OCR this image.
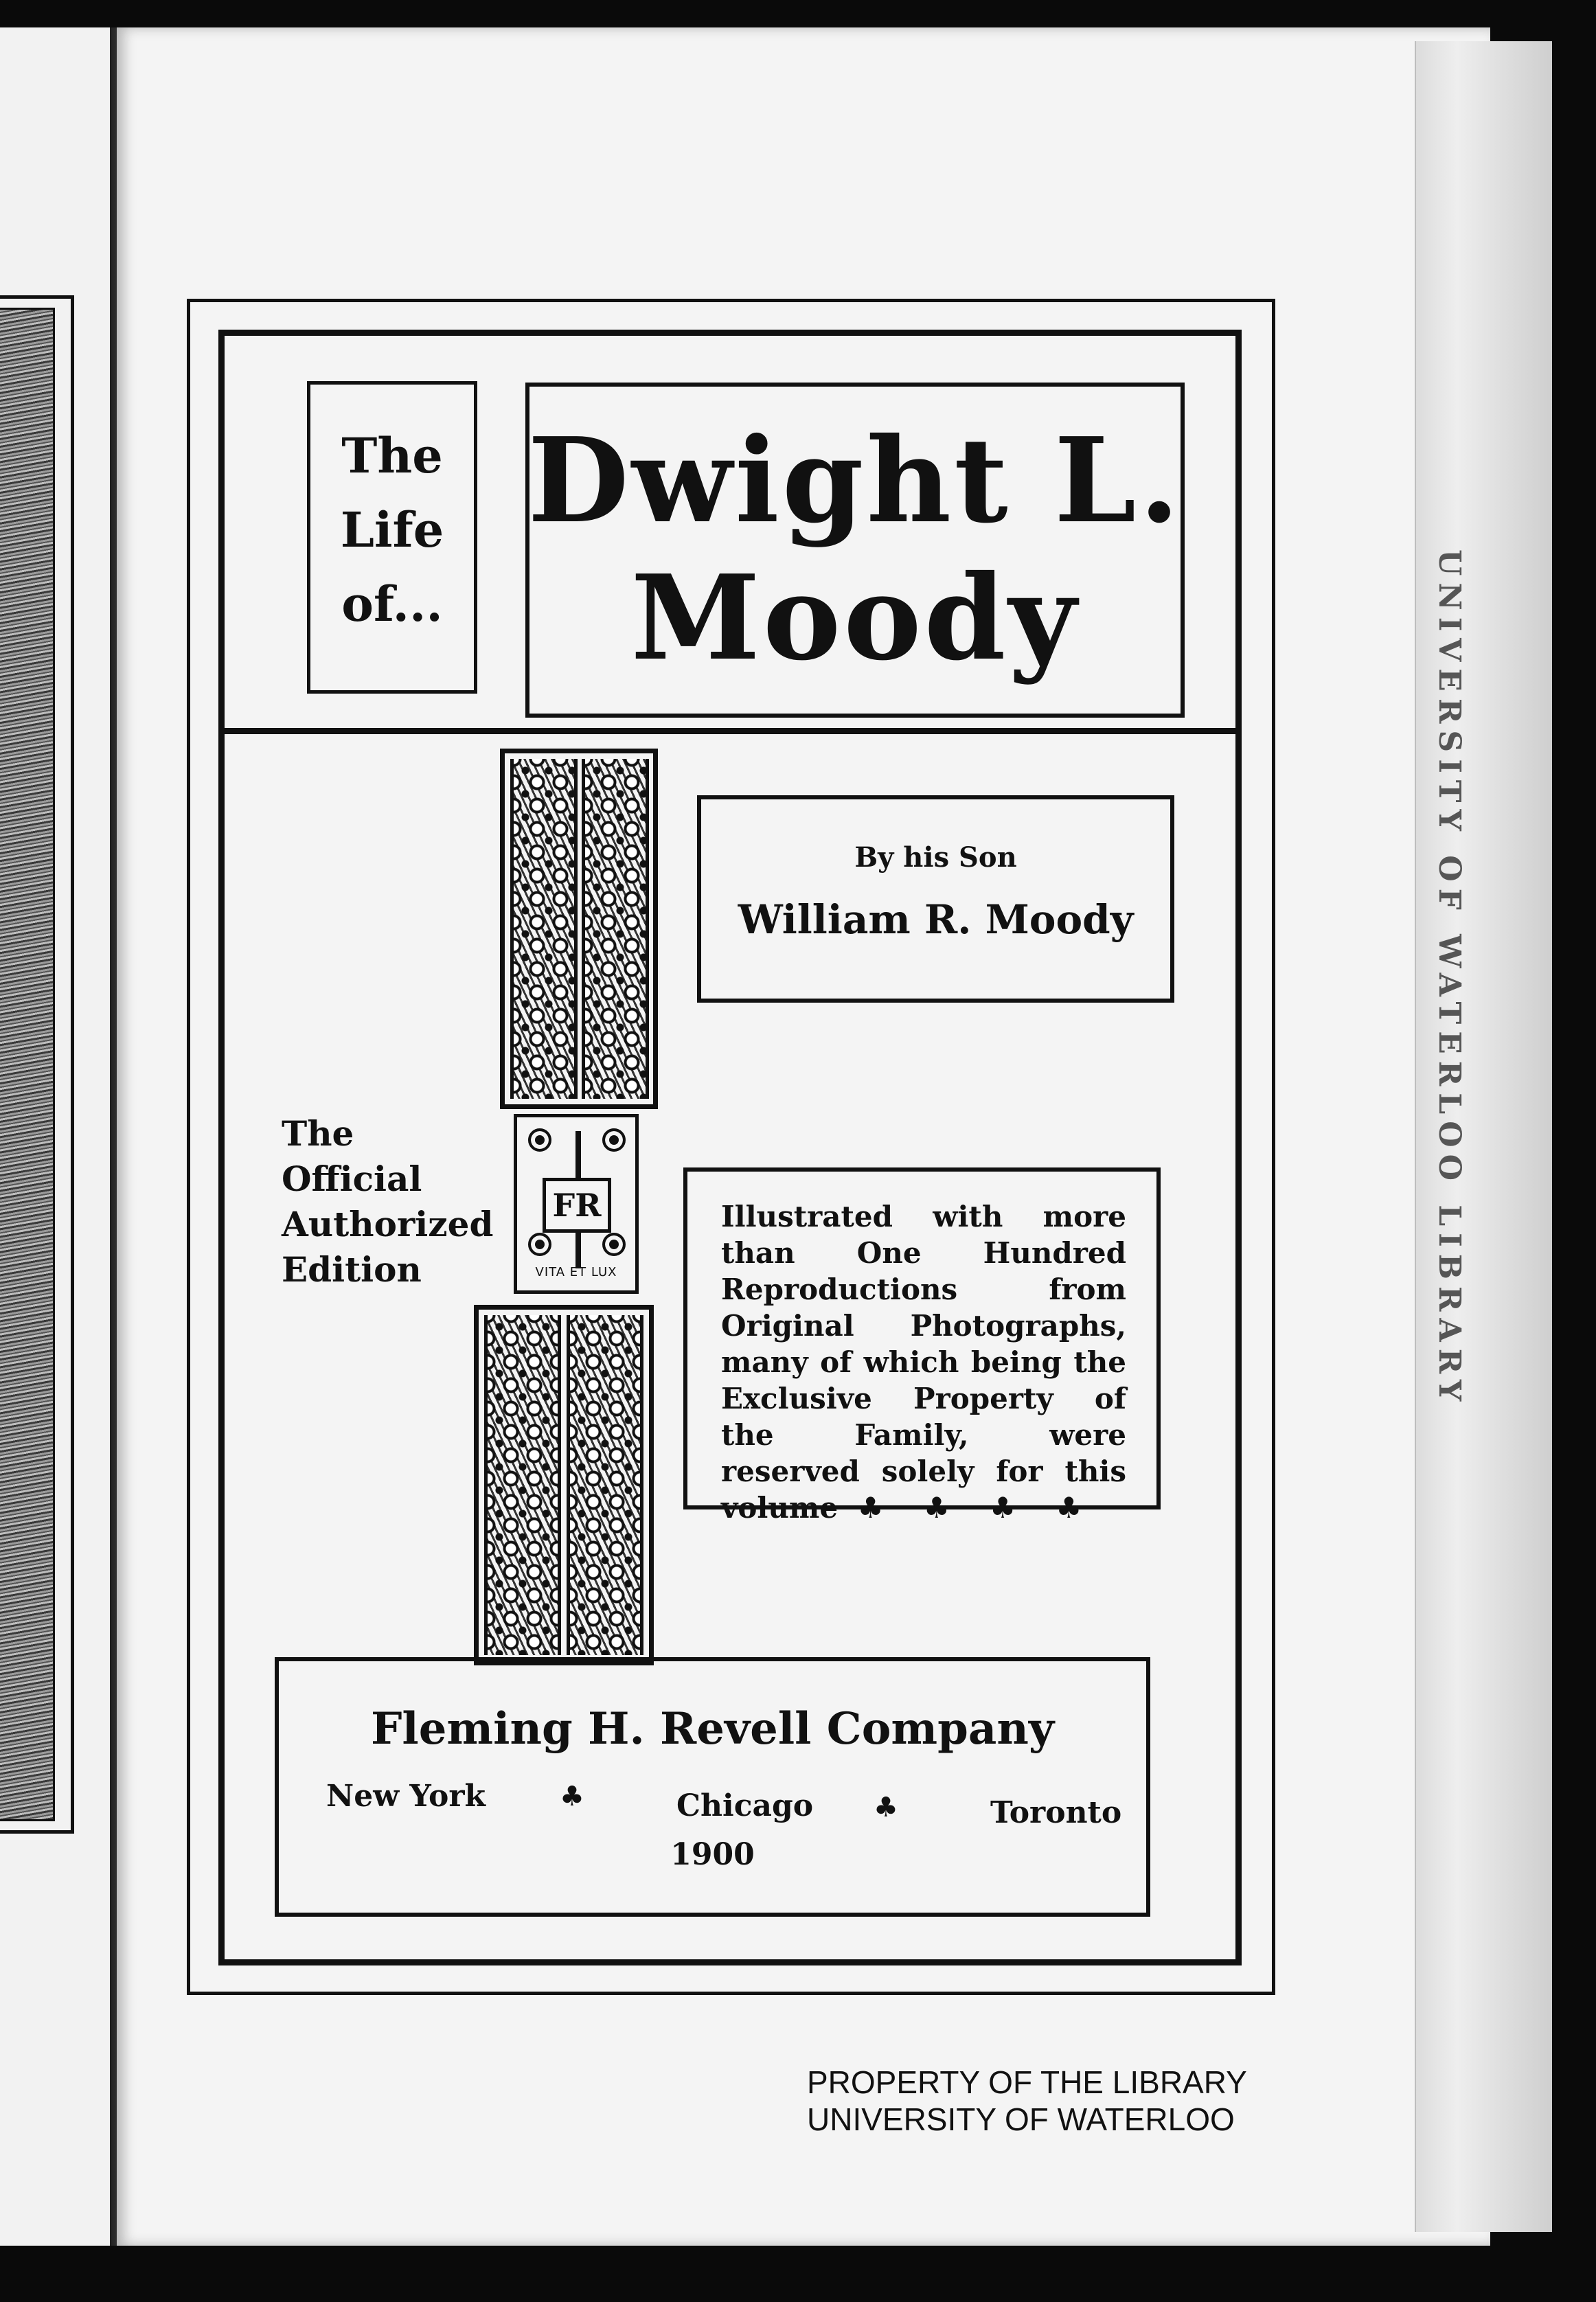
UNIVERSITY OF WATERLOO LIBRARY
The
Life
of...
Dwight L.
Moody
FR
VITA ET LUX
By his Son
William R. Moody
The
Official
Authorized
Edition
Illustrated with more than One Hundred Reproductions from Original Photographs, many of which being the Exclusive Property of the Family, were reserved solely for this volume ♣ ♣ ♣ ♣
Fleming H. Revell Company
New York	♣	Chicago ♣	Toronto
1900
PROPERTY OF THE LIBRARY
UNIVERSITY OF WATERLOO
